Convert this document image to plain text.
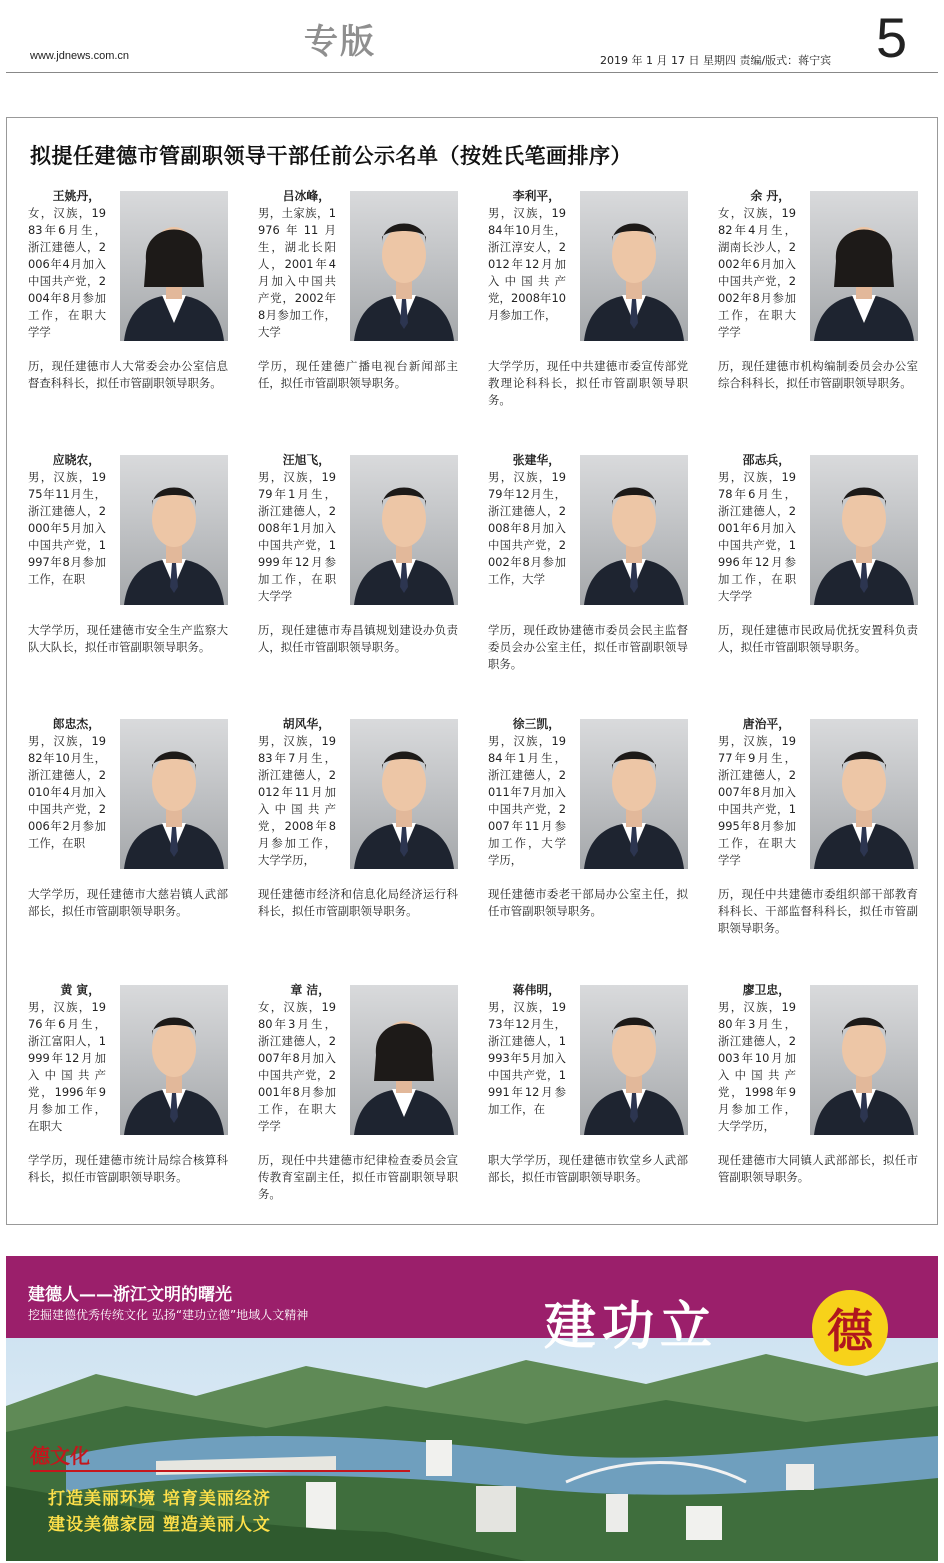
www.jdnews.com.cn	专版	2019 年 1 月 17 日 星期四 责编/版式：蒋宁宾 5
拟提任建德市管副职领导干部任前公示名单（按姓氏笔画排序）
王姚丹，
女，汉族，1983年6月生，浙江建德人，2006年4月加入中国共产党，2004年8月参加工作，在职大学学
历，现任建德市人大常委会办公室信息督查科科长，拟任市管副职领导职务。
吕冰峰，
男，土家族，1976年11月生，湖北长阳人，2001年4月加入中国共产党，2002年8月参加工作，大学
学历，现任建德广播电视台新闻部主任，拟任市管副职领导职务。
李利平，
男，汉族，1984年10月生，浙江淳安人，2012年12月加入中国共产党，2008年10月参加工作，
大学学历，现任中共建德市委宣传部党教理论科科长，拟任市管副职领导职务。
余 丹，
女，汉族，1982年4月生，湖南长沙人，2002年6月加入中国共产党，2002年8月参加工作，在职大学学
历，现任建德市机构编制委员会办公室综合科科长，拟任市管副职领导职务。
应晓农，
男，汉族，1975年11月生，浙江建德人，2000年5月加入中国共产党，1997年8月参加工作，在职
大学学历，现任建德市安全生产监察大队大队长，拟任市管副职领导职务。
汪旭飞，
男，汉族，1979年1月生，浙江建德人，2008年1月加入中国共产党，1999年12月参加工作，在职大学学
历，现任建德市寿昌镇规划建设办负责人，拟任市管副职领导职务。
张建华，
男，汉族，1979年12月生，浙江建德人，2008年8月加入中国共产党，2002年8月参加工作，大学
学历，现任政协建德市委员会民主监督委员会办公室主任，拟任市管副职领导职务。
邵志兵，
男，汉族，1978年6月生，浙江建德人，2001年6月加入中国共产党，1996年12月参加工作，在职大学学
历，现任建德市民政局优抚安置科负责人，拟任市管副职领导职务。
郎忠杰，
男，汉族，1982年10月生，浙江建德人，2010年4月加入中国共产党，2006年2月参加工作，在职
大学学历，现任建德市大慈岩镇人武部部长，拟任市管副职领导职务。
胡风华，
男，汉族，1983年7月生，浙江建德人，2012年11月加入中国共产党，2008年8月参加工作，大学学历，
现任建德市经济和信息化局经济运行科科长，拟任市管副职领导职务。
徐三凯，
男，汉族，1984年1月生，浙江建德人，2011年7月加入中国共产党，2007年11月参加工作，大学学历，
现任建德市委老干部局办公室主任，拟任市管副职领导职务。
唐治平，
男，汉族，1977年9月生，浙江建德人，2007年8月加入中国共产党，1995年8月参加工作，在职大学学
历，现任中共建德市委组织部干部教育科科长、干部监督科科长，拟任市管副职领导职务。
黄 寅，
男，汉族，1976年6月生，浙江富阳人，1999年12月加入中国共产党，1996年9月参加工作，在职大
学学历，现任建德市统计局综合核算科科长，拟任市管副职领导职务。
章 洁，
女，汉族，1980年3月生，浙江建德人，2007年8月加入中国共产党，2001年8月参加工作，在职大学学
历，现任中共建德市纪律检查委员会宣传教育室副主任，拟任市管副职领导职务。
蒋伟明，
男，汉族，1973年12月生，浙江建德人，1993年5月加入中国共产党，1991年12月参加工作，在
职大学学历，现任建德市钦堂乡人武部部长，拟任市管副职领导职务。
廖卫忠，
男，汉族，1980年3月生，浙江建德人，2003年10月加入中国共产党，1998年9月参加工作，大学学历，
现任建德市大同镇人武部部长，拟任市管副职领导职务。
建德人——浙江文明的曙光
挖掘建德优秀传统文化 弘扬“建功立德”地域人文精神	建功立	德
德文化
打造美丽环境 培育美丽经济
建设美德家园 塑造美丽人文
